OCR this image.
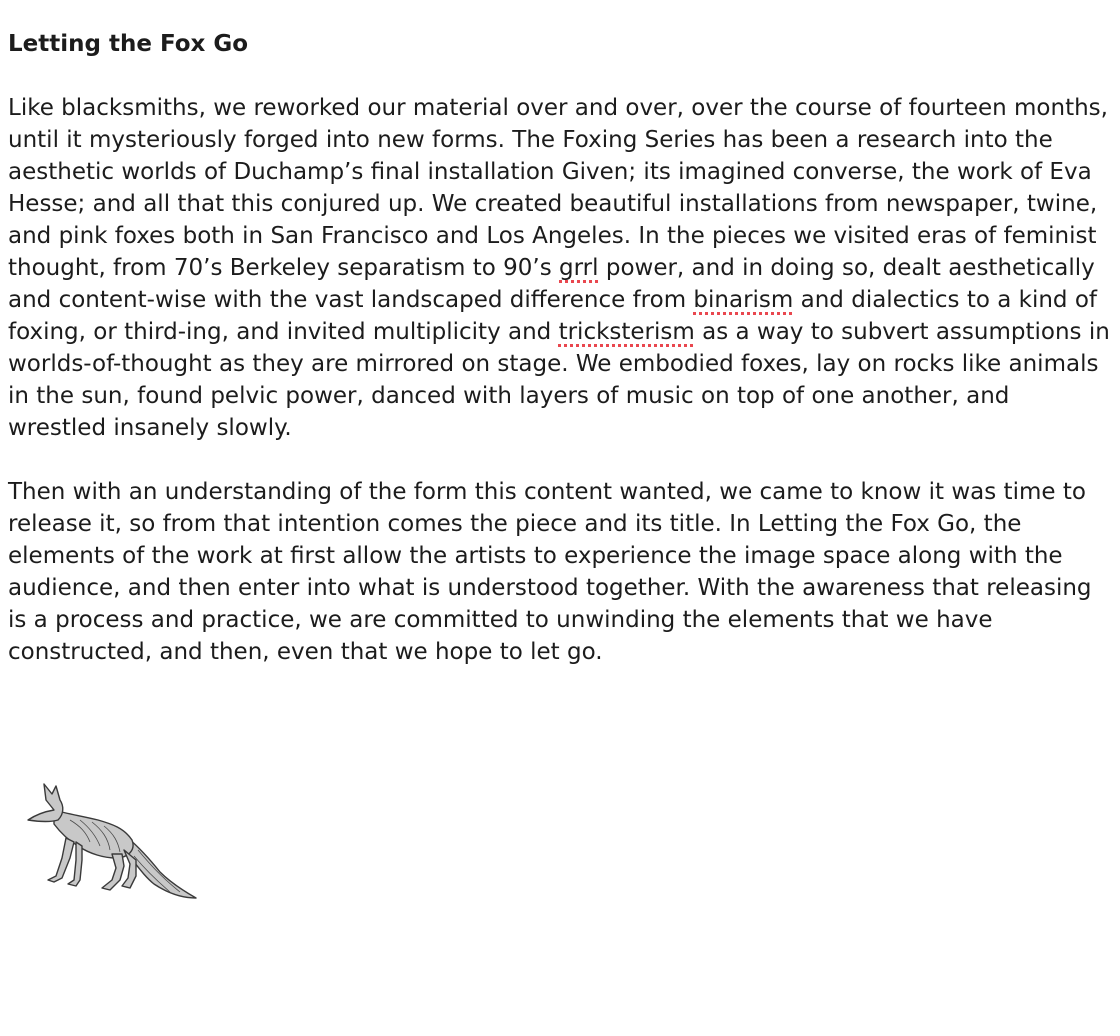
Letting the Fox Go

Like blacksmiths, we reworked our material over and over, over the course of fourteen months, until it mysteriously forged into new forms. The Foxing Series has been a research into the aesthetic worlds of Duchamp’s final installation Given; its imagined converse, the work of Eva Hesse; and all that this conjured up. We created beautiful installations from newspaper, twine, and pink foxes both in San Francisco and Los Angeles. In the pieces we visited eras of feminist thought, from 70’s Berkeley separatism to 90’s grrl power, and in doing so, dealt aesthetically and content-wise with the vast landscaped difference from binarism and dialectics to a kind of foxing, or third-ing, and invited multiplicity and tricksterism as a way to subvert assumptions in worlds-of-thought as they are mirrored on stage. We embodied foxes, lay on rocks like animals in the sun, found pelvic power, danced with layers of music on top of one another, and wrestled insanely slowly.

Then with an understanding of the form this content wanted, we came to know it was time to release it, so from that intention comes the piece and its title. In Letting the Fox Go, the elements of the work at first allow the artists to experience the image space along with the audience, and then enter into what is understood together. With the awareness that releasing is a process and practice, we are committed to unwinding the elements that we have constructed, and then, even that we hope to let go.
